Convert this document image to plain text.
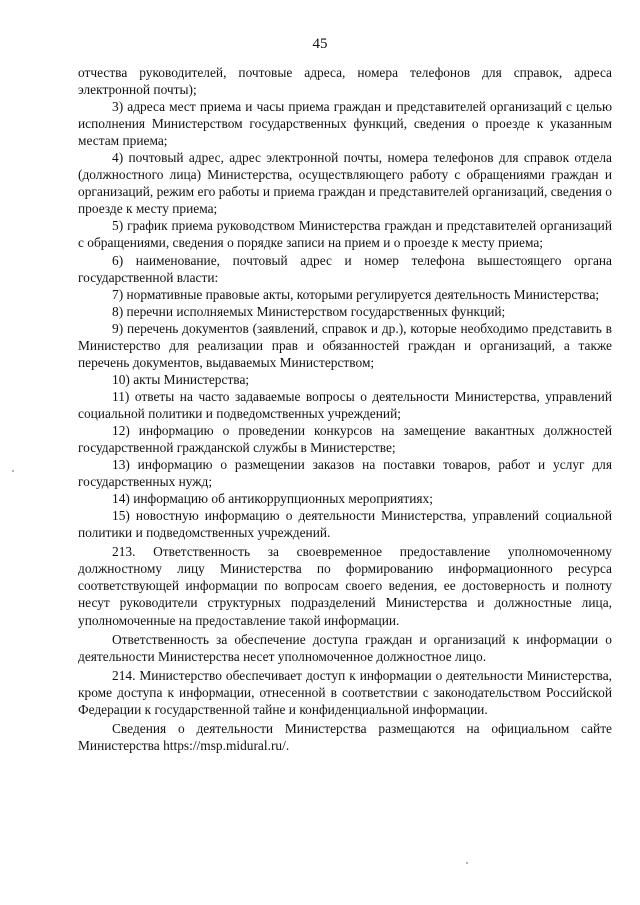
45

отчества руководителей, почтовые адреса, номера телефонов для справок, адреса электронной почты);

3) адреса мест приема и часы приема граждан и представителей организаций с целью исполнения Министерством государственных функций, сведения о проезде к указанным местам приема;

4) почтовый адрес, адрес электронной почты, номера телефонов для справок отдела (должностного лица) Министерства, осуществляющего работу с обращениями граждан и организаций, режим его работы и приема граждан и представителей организаций, сведения о проезде к месту приема;

5) график приема руководством Министерства граждан и представителей организаций с обращениями, сведения о порядке записи на прием и о проезде к месту приема;

6) наименование, почтовый адрес и номер телефона вышестоящего органа государственной власти:

7) нормативные правовые акты, которыми регулируется деятельность Министерства;

8) перечни исполняемых Министерством государственных функций;

9) перечень документов (заявлений, справок и др.), которые необходимо представить в Министерство для реализации прав и обязанностей граждан и организаций, а также перечень документов, выдаваемых Министерством;

10) акты Министерства;

11) ответы на часто задаваемые вопросы о деятельности Министерства, управлений социальной политики и подведомственных учреждений;

12) информацию о проведении конкурсов на замещение вакантных должностей государственной гражданской службы в Министерстве;

13) информацию о размещении заказов на поставки товаров, работ и услуг для государственных нужд;

14) информацию об антикоррупционных мероприятиях;

15) новостную информацию о деятельности Министерства, управлений социальной политики и подведомственных учреждений.

213. Ответственность за своевременное предоставление уполномоченному должностному лицу Министерства по формированию информационного ресурса соответствующей информации по вопросам своего ведения, ее достоверность и полноту несут руководители структурных подразделений Министерства и должностные лица, уполномоченные на предоставление такой информации.

Ответственность за обеспечение доступа граждан и организаций к информации о деятельности Министерства несет уполномоченное должностное лицо.

214. Министерство обеспечивает доступ к информации о деятельности Министерства, кроме доступа к информации, отнесенной в соответствии с законодательством Российской Федерации к государственной тайне и конфиденциальной информации.

Сведения о деятельности Министерства размещаются на официальном сайте Министерства https://msp.midural.ru/.
